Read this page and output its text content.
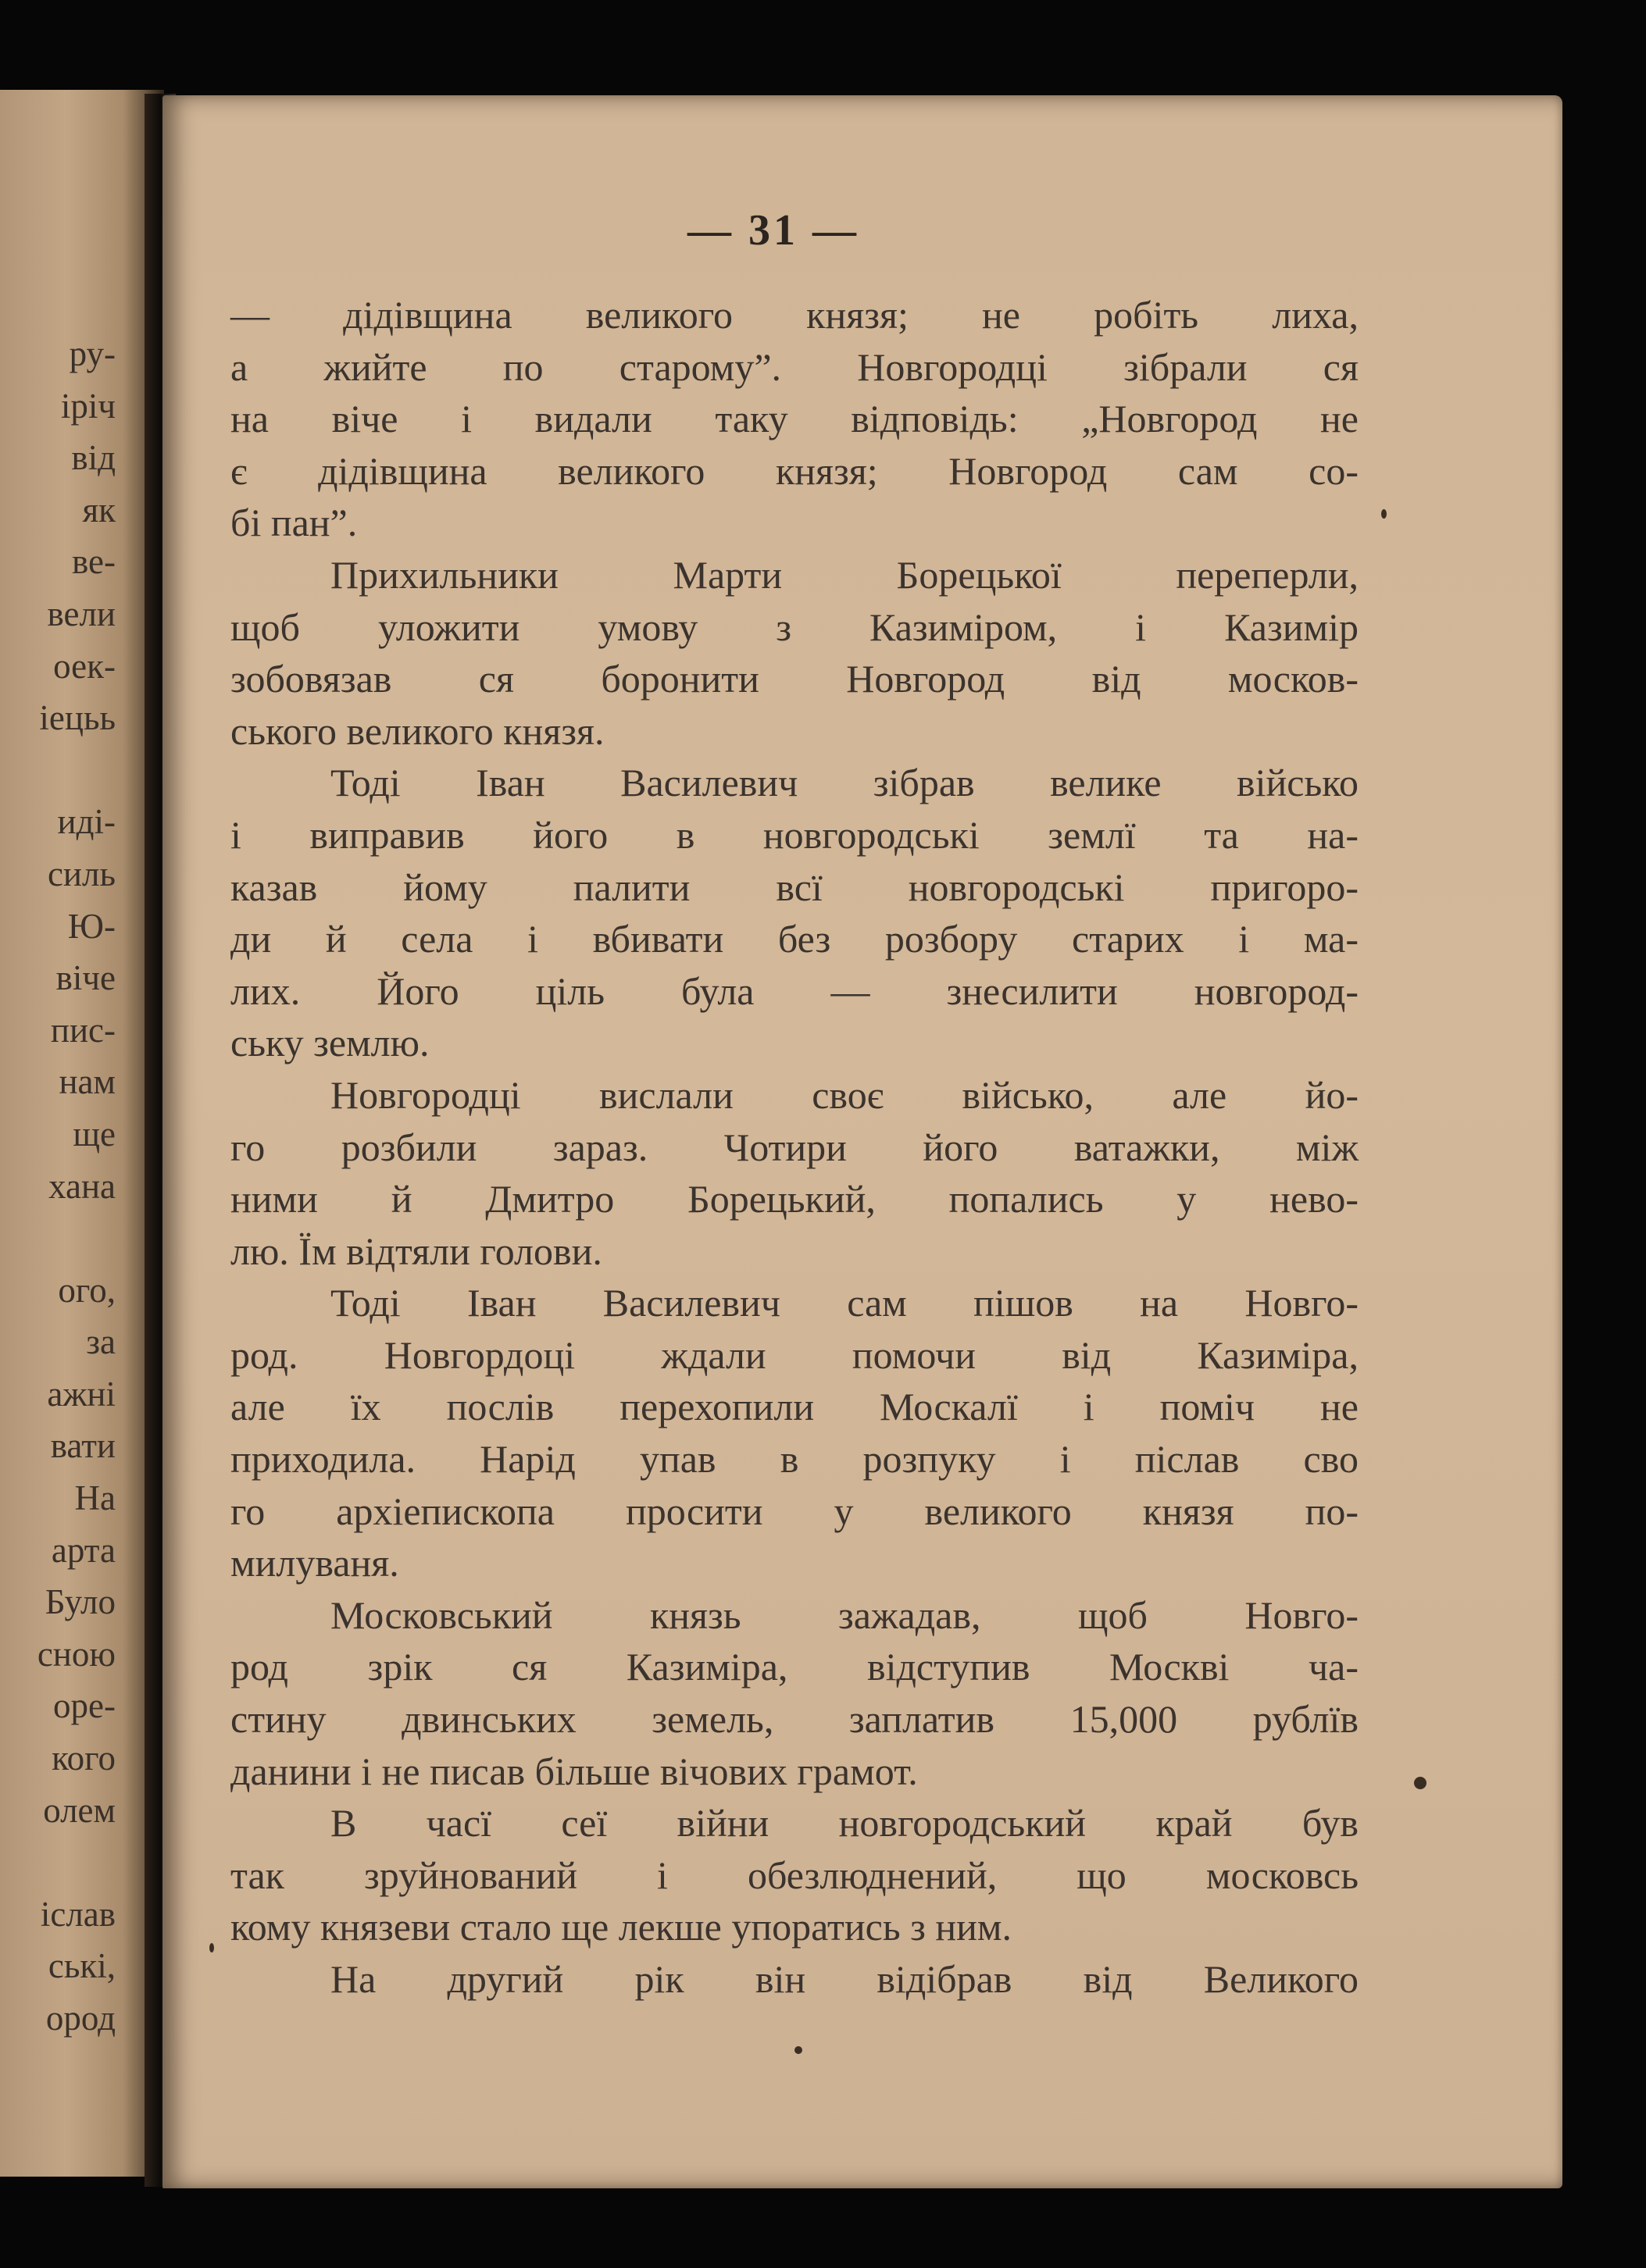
ру-
іріч
від
як
ве-
вели
оек-
іецьь
иді-
силь
Ю-
віче
пис-
нам
ще
хана
ого,
за
ажні
вати
На
арта
Було
сною
оре-
кого
олем
іслав
ські,
ород
— 31 —
— дідівщина великого князя; не робіть лиха,
а жийте по старому”. Новгородці зібрали ся
на віче і видали таку відповідь: „Новгород не
є дідівщина великого князя; Новгород сам со-
бі пан”.
Прихильники Марти Борецької переперли,
щоб уложити умову з Казиміром, і Казимір
зобовязав ся боронити Новгород від москов-
ського великого князя.
Тоді Іван Василевич зібрав велике військо
і виправив його в новгородські землї та на-
казав йому палити всї новгородські пригоро-
ди й села і вбивати без розбору старих і ма-
лих. Його ціль була — знесилити новгород-
ську землю.
Новгородці вислали своє військо, але йо-
го розбили зараз. Чотири його ватажки, між
ними й Дмитро Борецький, попались у нево-
лю. Їм відтяли голови.
Тоді Іван Василевич сам пішов на Новго-
род. Новгордоці ждали помочи від Казиміра,
але їх послів перехопили Москалї і поміч не
приходила. Нарід упав в розпуку і післав сво
го архіепископа просити у великого князя по-
милуваня.
Московський князь зажадав, щоб Новго-
род зрік ся Казиміра, відступив Москві ча-
стину двинських земель, заплатив 15,000 рублїв
данини і не писав більше вічових грамот.
В часї сеї війни новгородський край був
так зруйнований і обезлюднений, що московсь
кому князеви стало ще лекше упоратись з ним.
На другий рік він відібрав від Великого
